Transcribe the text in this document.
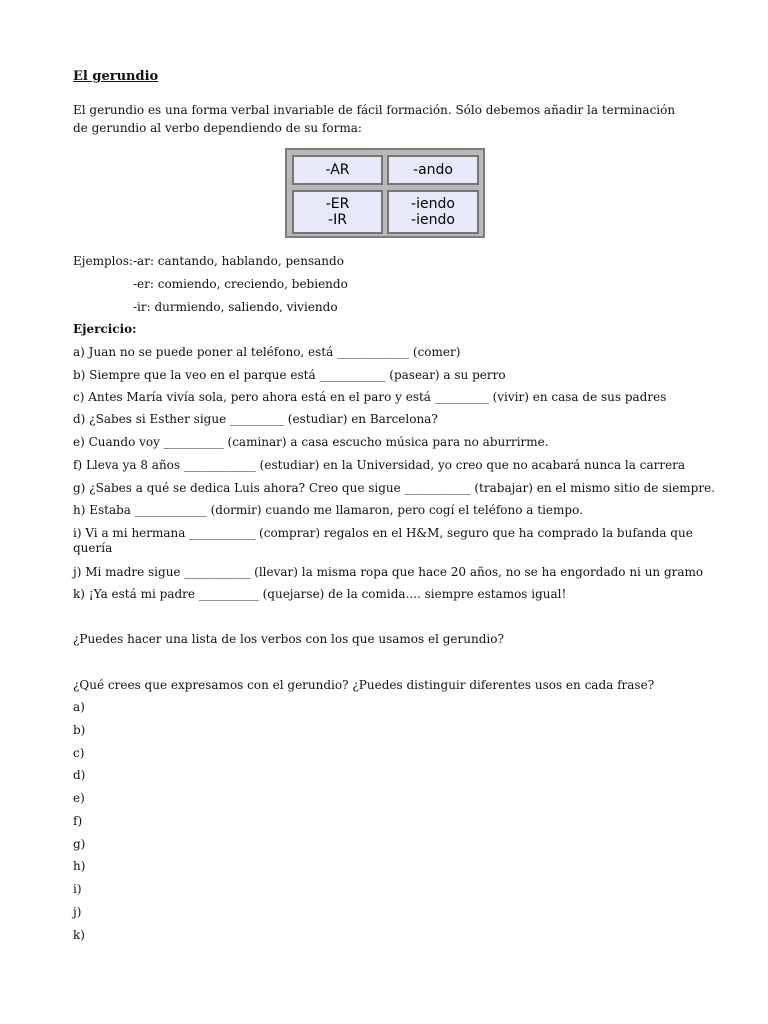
El gerundio
El gerundio es una forma verbal invariable de fácil formación. Sólo debemos añadir la terminación de gerundio al verbo dependiendo de su forma:
-AR	-ando
-ER
-IR
-iendo
-iendo
Ejemplos: -ar: cantando, hablando, pensando
-er: comiendo, creciendo, bebiendo
-ir: durmiendo, saliendo, viviendo
Ejercicio:
a) Juan no se puede poner al teléfono, está ____________ (comer)
b) Siempre que la veo en el parque está ___________ (pasear) a su perro
c) Antes María vivía sola, pero ahora está en el paro y está _________ (vivir) en casa de sus padres
d) ¿Sabes si Esther sigue _________ (estudiar) en Barcelona?
e) Cuando voy __________ (caminar) a casa escucho música para no aburrirme.
f) Lleva ya 8 años ____________ (estudiar) en la Universidad, yo creo que no acabará nunca la carrera
g) ¿Sabes a qué se dedica Luis ahora? Creo que sigue ___________ (trabajar) en el mismo sitio de siempre.
h) Estaba ____________ (dormir) cuando me llamaron, pero cogí el teléfono a tiempo.
i) Vi a mi hermana ___________ (comprar) regalos en el H&M, seguro que ha comprado la bufanda que quería
j) Mi madre sigue ___________ (llevar) la misma ropa que hace 20 años, no se ha engordado ni un gramo
k) ¡Ya está mi padre __________ (quejarse) de la comida.... siempre estamos igual!
¿Puedes hacer una lista de los verbos con los que usamos el gerundio?
¿Qué crees que expresamos con el gerundio? ¿Puedes distinguir diferentes usos en cada frase?
a)
b)
c)
d)
e)
f)
g)
h)
i)
j)
k)
